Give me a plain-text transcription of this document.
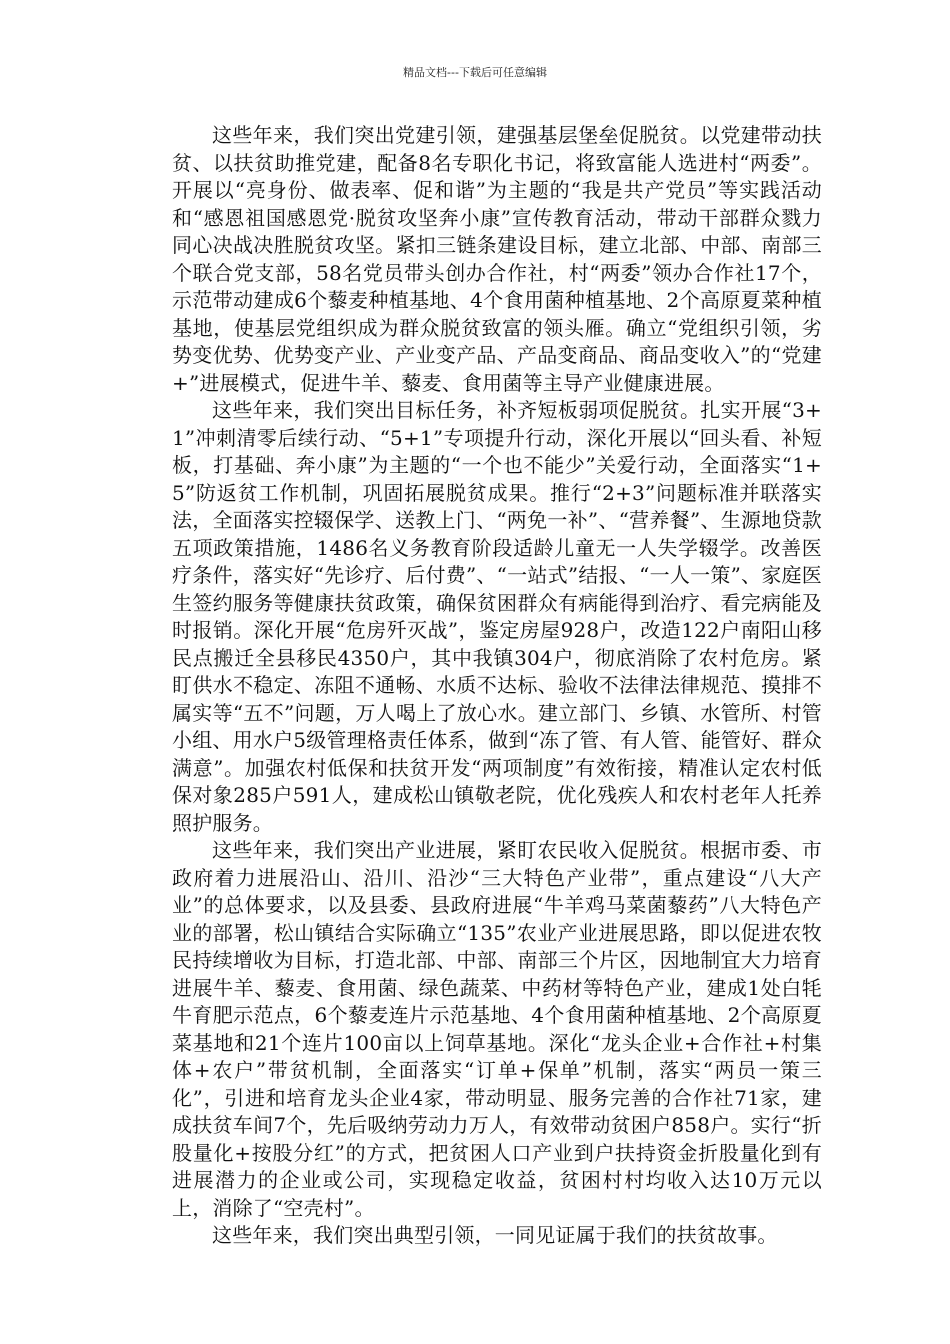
精品文档---下载后可任意编辑

这些年来，我们突出党建引领，建强基层堡垒促脱贫。以党建带动扶贫、以扶贫助推党建，配备8名专职化书记，将致富能人选进村“两委”。开展以“亮身份、做表率、促和谐”为主题的“我是共产党员”等实践活动和“感恩祖国感恩党·脱贫攻坚奔小康”宣传教育活动，带动干部群众戮力同心决战决胜脱贫攻坚。紧扣三链条建设目标，建立北部、中部、南部三个联合党支部，58名党员带头创办合作社，村“两委”领办合作社17个，示范带动建成6个藜麦种植基地、4个食用菌种植基地、2个高原夏菜种植基地，使基层党组织成为群众脱贫致富的领头雁。确立“党组织引领，劣势变优势、优势变产业、产业变产品、产品变商品、商品变收入”的“党建+”进展模式，促进牛羊、藜麦、食用菌等主导产业健康进展。

这些年来，我们突出目标任务，补齐短板弱项促脱贫。扎实开展“3+1”冲刺清零后续行动、“5+1”专项提升行动，深化开展以“回头看、补短板，打基础、奔小康”为主题的“一个也不能少”关爱行动，全面落实“1+5”防返贫工作机制，巩固拓展脱贫成果。推行“2+3”问题标准并联落实法，全面落实控辍保学、送教上门、“两免一补”、“营养餐”、生源地贷款五项政策措施，1486名义务教育阶段适龄儿童无一人失学辍学。改善医疗条件，落实好“先诊疗、后付费”、“一站式”结报、“一人一策”、家庭医生签约服务等健康扶贫政策，确保贫困群众有病能得到治疗、看完病能及时报销。深化开展“危房歼灭战”，鉴定房屋928户，改造122户南阳山移民点搬迁全县移民4350户，其中我镇304户，彻底消除了农村危房。紧盯供水不稳定、冻阻不通畅、水质不达标、验收不法律法律规范、摸排不属实等“五不”问题，万人喝上了放心水。建立部门、乡镇、水管所、村管小组、用水户5级管理格责任体系，做到“冻了管、有人管、能管好、群众满意”。加强农村低保和扶贫开发“两项制度”有效衔接，精准认定农村低保对象285户591人，建成松山镇敬老院，优化残疾人和农村老年人托养照护服务。

这些年来，我们突出产业进展，紧盯农民收入促脱贫。根据市委、市政府着力进展沿山、沿川、沿沙“三大特色产业带”，重点建设“八大产业”的总体要求，以及县委、县政府进展“牛羊鸡马菜菌藜药”八大特色产业的部署，松山镇结合实际确立“135”农业产业进展思路，即以促进农牧民持续增收为目标，打造北部、中部、南部三个片区，因地制宜大力培育进展牛羊、藜麦、食用菌、绿色蔬菜、中药材等特色产业，建成1处白牦牛育肥示范点，6个藜麦连片示范基地、4个食用菌种植基地、2个高原夏菜基地和21个连片100亩以上饲草基地。深化“龙头企业+合作社+村集体+农户”带贫机制，全面落实“订单+保单”机制，落实“两员一策三化”，引进和培育龙头企业4家，带动明显、服务完善的合作社71家，建成扶贫车间7个，先后吸纳劳动力万人，有效带动贫困户858户。实行“折股量化+按股分红”的方式，把贫困人口产业到户扶持资金折股量化到有进展潜力的企业或公司，实现稳定收益，贫困村村均收入达10万元以上，消除了“空壳村”。

这些年来，我们突出典型引领，一同见证属于我们的扶贫故事。
